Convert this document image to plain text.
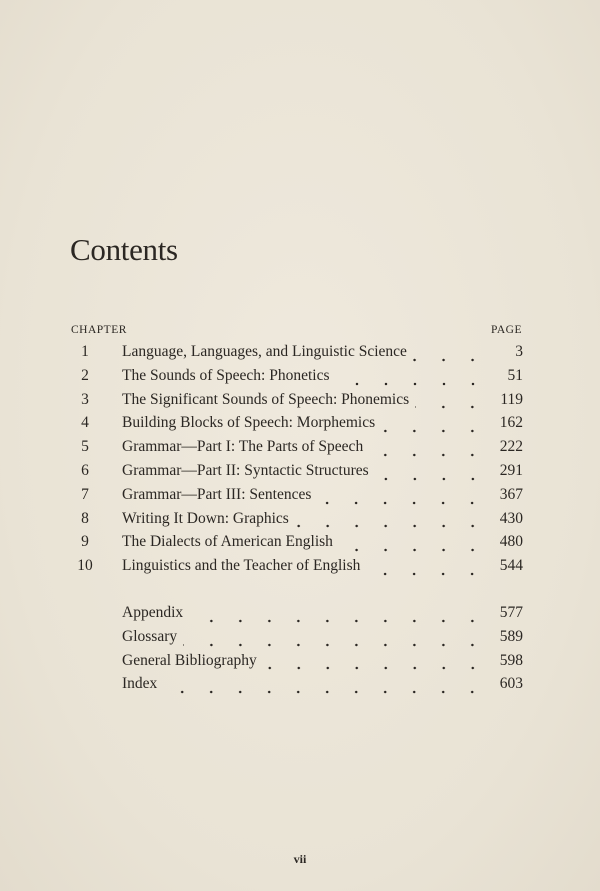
Contents
CHAPTER	PAGE
1	Language, Languages, and Linguistic Science	3
2	The Sounds of Speech: Phonetics	51
3	The Significant Sounds of Speech: Phonemics	119
4	Building Blocks of Speech: Morphemics	162
5	Grammar—Part I: The Parts of Speech	222
6	Grammar—Part II: Syntactic Structures	291
7	Grammar—Part III: Sentences	367
8	Writing It Down: Graphics	430
9	The Dialects of American English	480
10	Linguistics and the Teacher of English	544
Appendix	577
Glossary	589
General Bibliography	598
Index	603
vii
